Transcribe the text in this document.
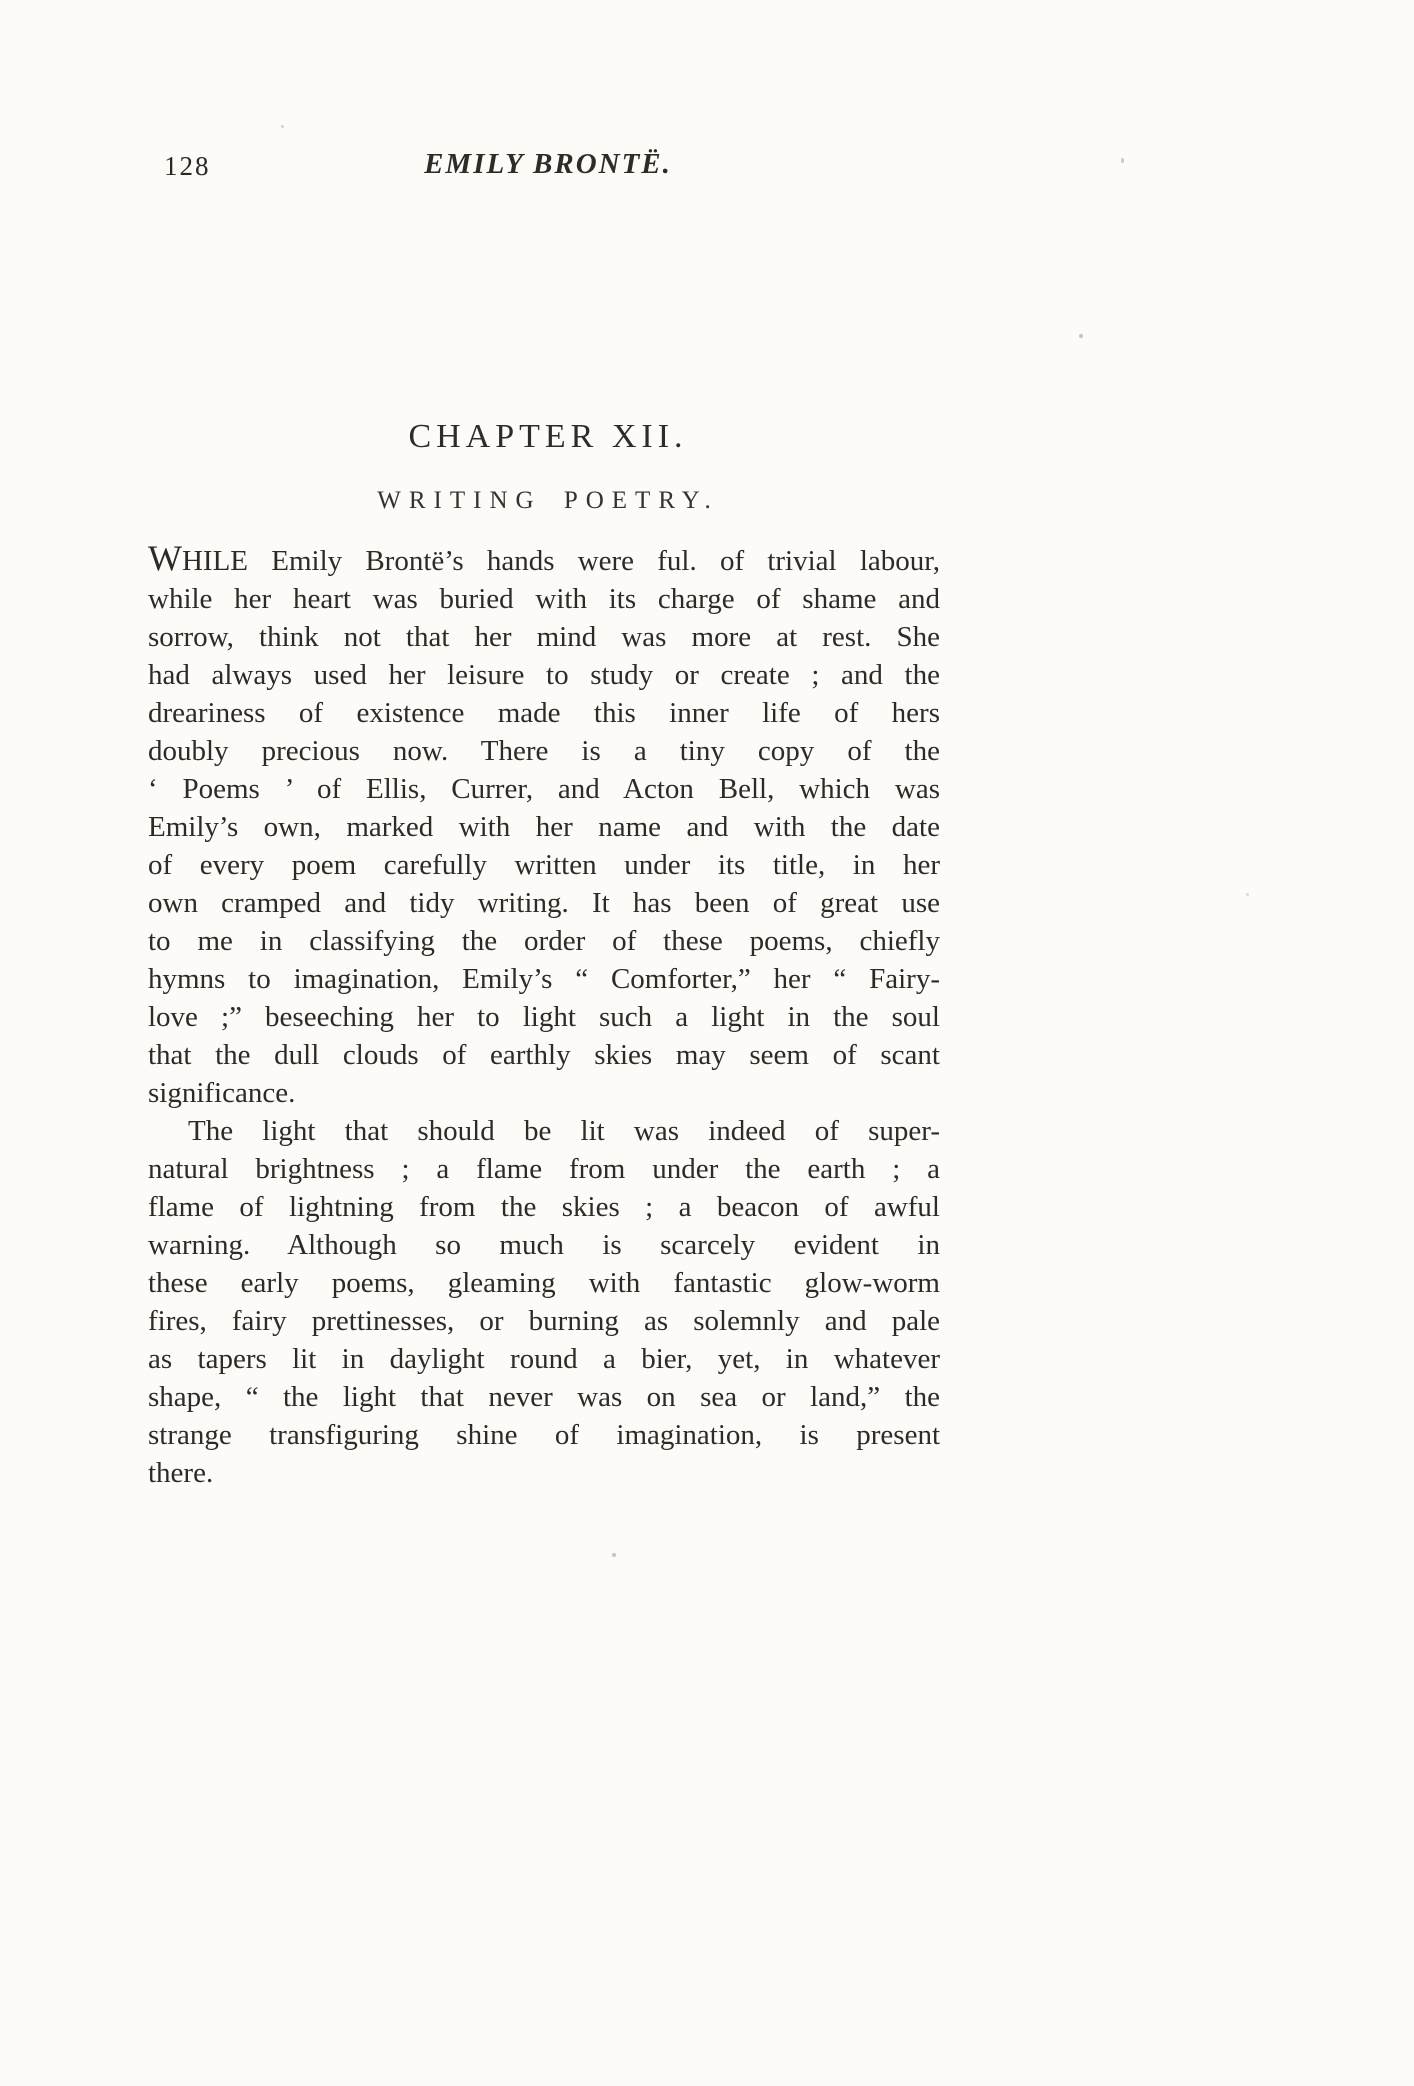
128	EMILY BRONTË.
CHAPTER XII.
WRITING POETRY.
WHILE Emily Brontë’s hands were ful. of trivial labour,
while her heart was buried with its charge of shame and
sorrow, think not that her mind was more at rest. She
had always used her leisure to study or create ; and the
dreariness of existence made this inner life of hers
doubly precious now. There is a tiny copy of the
‘ Poems ’ of Ellis, Currer, and Acton Bell, which was
Emily’s own, marked with her name and with the date
of every poem carefully written under its title, in her
own cramped and tidy writing. It has been of great use
to me in classifying the order of these poems, chiefly
hymns to imagination, Emily’s “ Comforter,” her “ Fairy-
love ;” beseeching her to light such a light in the soul
that the dull clouds of earthly skies may seem of scant
significance.
The light that should be lit was indeed of super-
natural brightness ; a flame from under the earth ; a
flame of lightning from the skies ; a beacon of awful
warning. Although so much is scarcely evident in
these early poems, gleaming with fantastic glow-worm
fires, fairy prettinesses, or burning as solemnly and pale
as tapers lit in daylight round a bier, yet, in whatever
shape, “ the light that never was on sea or land,” the
strange transfiguring shine of imagination, is present
there.
